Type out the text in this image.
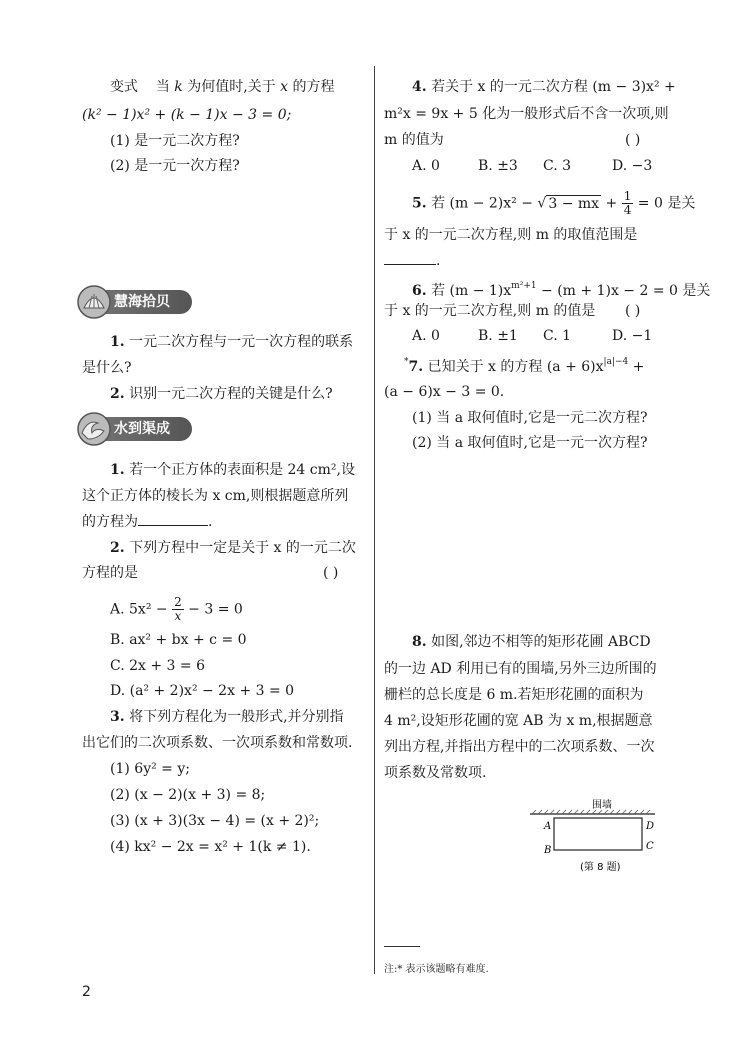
变式 当 k 为何值时,关于 x 的方程
(k² − 1)x² + (k − 1)x − 3 = 0;
(1) 是一元二次方程?
(2) 是一元一次方程?
慧海拾贝
1. 一元二次方程与一元一次方程的联系
是什么?
2. 识别一元二次方程的关键是什么?
水到渠成
1. 若一个正方体的表面积是 24 cm²,设
这个正方体的棱长为 x cm,则根据题意所列
的方程为	.
2. 下列方程中一定是关于 x 的一元二次
方程的是	( )
A. $5x^2 - \frac{2}{x} - 3 = 0$
B. ax² + bx + c = 0
C. 2x + 3 = 6
D. (a² + 2)x² − 2x + 3 = 0
3. 将下列方程化为一般形式,并分别指
出它们的二次项系数、一次项系数和常数项.
(1) 6y² = y;
(2) (x − 2)(x + 3) = 8;
(3) (x + 3)(3x − 4) = (x + 2)²;
(4) kx² − 2x = x² + 1(k ≠ 1).
4. 若关于 x 的一元二次方程 (m − 3)x² +
m²x = 9x + 5 化为一般形式后不含一次项,则
m 的值为	( )
A. 0	B. ±3 C. 3	D. −3
5. 若 (m − 2)x² − √ 3 − mx + $\frac{1}{4} = 0$ 是关
于 x 的一元二次方程,则 m 的取值范围是
.
6. 若 $(m - 1)x^{m^2+1} - (m + 1)x - 2 = 0$ 是关
于 x 的一元二次方程,则 m 的值是 ( )
A. 0	B. ±1 C. 1	D. −1
*7. 已知关于 x 的方程 $(a + 6)x^{|a|-4}$ +
(a − 6)x − 3 = 0.
(1) 当 a 取何值时,它是一元二次方程?
(2) 当 a 取何值时,它是一元一次方程?
8. 如图,邻边不相等的矩形花圃 ABCD
的一边 AD 利用已有的围墙,另外三边所围的
栅栏的总长度是 6 m.若矩形花圃的面积为
4 m²,设矩形花圃的宽 AB 为 x m,根据题意
列出方程,并指出方程中的二次项系数、一次
项系数及常数项.
围墙
A	D
B	C
(第 8 题)
注:* 表示该题略有难度.
2
